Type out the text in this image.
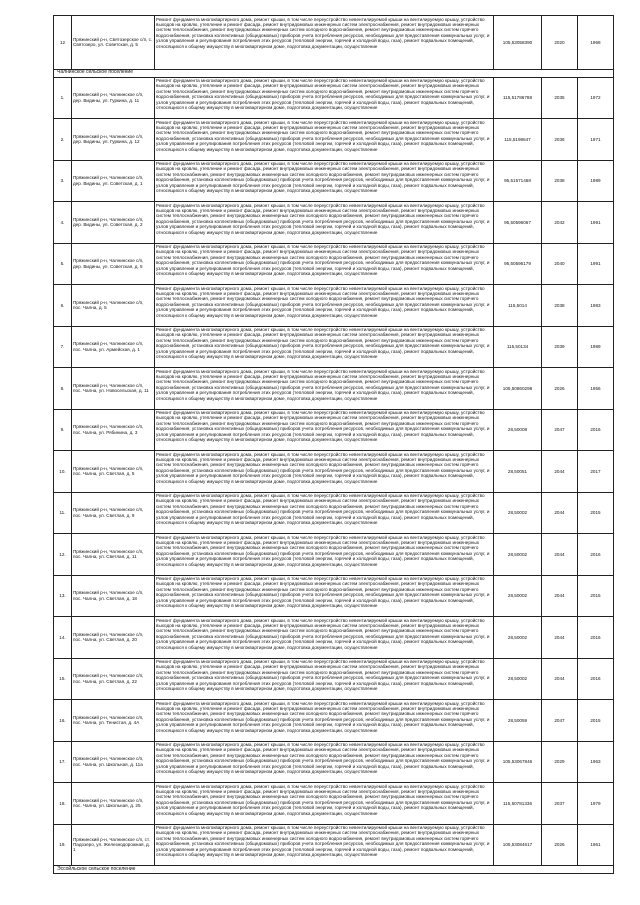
12	Пряжинский р-н, Святозерское с/п, с. Святозеро, ул. Советская, д. 5	Ремонт фундамента многоквартирного дома, ремонт крыши, в том числе переустройство невентилируемой крыши на вентилируемую крышу, устройство выходов на кровлю, утепление и ремонт фасада, ремонт внутридомовых инженерных систем электроснабжения, ремонт внутридомовых инженерных систем теплоснабжения, ремонт внутридомовых инженерных систем холодного водоснабжения, ремонт внутридомовых инженерных систем горячего водоснабжения, установка коллективных (общедомовых) приборов учета потребления ресурсов, необходимых для предоставления коммунальных услуг, и узлов управления и регулирования потребления этих ресурсов (тепловой энергии, горячей и холодной воды, газа), ремонт подвальных помещений, относящихся к общему имуществу в многоквартирном доме, подготовка документации, осуществление	105,53058390	2020	1968
Чалнинское сельское поселение					
1.	Пряжинский р-н, Чалнинское с/п, дер. Видины, ул. Гуркина, д. 11	Ремонт фундамента многоквартирного дома, ремонт крыши, в том числе переустройство невентилируемой крыши на вентилируемую крышу, устройство выходов на кровлю, утепление и ремонт фасада, ремонт внутридомовых инженерных систем электроснабжения, ремонт внутридомовых инженерных систем теплоснабжения, ремонт внутридомовых инженерных систем холодного водоснабжения, ремонт внутридомовых инженерных систем горячего водоснабжения, установка коллективных (общедомовых) приборов учета потребления ресурсов, необходимых для предоставления коммунальных услуг, и узлов управления и регулирования потребления этих ресурсов (тепловой энергии, горячей и холодной воды, газа), ремонт подвальных помещений, относящихся к общему имуществу в многоквартирном доме, подготовка документации, осуществление	115,51786788	2035	1972
2.	Пряжинский р-н, Чалнинское с/п, дер. Видины, ул. Гуркина, д. 12	Ремонт фундамента многоквартирного дома, ремонт крыши, в том числе переустройство невентилируемой крыши на вентилируемую крышу, устройство выходов на кровлю, утепление и ремонт фасада, ремонт внутридомовых инженерных систем электроснабжения, ремонт внутридомовых инженерных систем теплоснабжения, ремонт внутридомовых инженерных систем холодного водоснабжения, ремонт внутридомовых инженерных систем горячего водоснабжения, установка коллективных (общедомовых) приборов учета потребления ресурсов, необходимых для предоставления коммунальных услуг, и узлов управления и регулирования потребления этих ресурсов (тепловой энергии, горячей и холодной воды, газа), ремонт подвальных помещений, относящихся к общему имуществу в многоквартирном доме, подготовка документации, осуществление	115,5198647	2036	1971
3.	Пряжинский р-н, Чалнинское с/п, дер. Видины, ул. Советская, д. 1	Ремонт фундамента многоквартирного дома, ремонт крыши, в том числе переустройство невентилируемой крыши на вентилируемую крышу, устройство выходов на кровлю, утепление и ремонт фасада, ремонт внутридомовых инженерных систем электроснабжения, ремонт внутридомовых инженерных систем теплоснабжения, ремонт внутридомовых инженерных систем холодного водоснабжения, ремонт внутридомовых инженерных систем горячего водоснабжения, установка коллективных (общедомовых) приборов учета потребления ресурсов, необходимых для предоставления коммунальных услуг, и узлов управления и регулирования потребления этих ресурсов (тепловой энергии, горячей и холодной воды, газа), ремонт подвальных помещений, относящихся к общему имуществу в многоквартирном доме, подготовка документации, осуществление	95,51571468	2038	1989
4.	Пряжинский р-н, Чалнинское с/п, дер. Видины, ул. Советская, д. 2	Ремонт фундамента многоквартирного дома, ремонт крыши, в том числе переустройство невентилируемой крыши на вентилируемую крышу, устройство выходов на кровлю, утепление и ремонт фасада, ремонт внутридомовых инженерных систем электроснабжения, ремонт внутридомовых инженерных систем теплоснабжения, ремонт внутридомовых инженерных систем холодного водоснабжения, ремонт внутридомовых инженерных систем горячего водоснабжения, установка коллективных (общедомовых) приборов учета потребления ресурсов, необходимых для предоставления коммунальных услуг, и узлов управления и регулирования потребления этих ресурсов (тепловой энергии, горячей и холодной воды, газа), ремонт подвальных помещений, относящихся к общему имуществу в многоквартирном доме, подготовка документации, осуществление	95,50596067	2042	1991
5.	Пряжинский р-н, Чалнинское с/п, дер. Видины, ул. Советская, д. 5	Ремонт фундамента многоквартирного дома, ремонт крыши, в том числе переустройство невентилируемой крыши на вентилируемую крышу, устройство выходов на кровлю, утепление и ремонт фасада, ремонт внутридомовых инженерных систем электроснабжения, ремонт внутридомовых инженерных систем теплоснабжения, ремонт внутридомовых инженерных систем холодного водоснабжения, ремонт внутридомовых инженерных систем горячего водоснабжения, установка коллективных (общедомовых) приборов учета потребления ресурсов, необходимых для предоставления коммунальных услуг, и узлов управления и регулирования потребления этих ресурсов (тепловой энергии, горячей и холодной воды, газа), ремонт подвальных помещений, относящихся к общему имуществу в многоквартирном доме, подготовка документации, осуществление	95,50596179	2040	1991
6.	Пряжинский р-н, Чалнинское с/п, пос. Чална, д. 5	Ремонт фундамента многоквартирного дома, ремонт крыши, в том числе переустройство невентилируемой крыши на вентилируемую крышу, устройство выходов на кровлю, утепление и ремонт фасада, ремонт внутридомовых инженерных систем электроснабжения, ремонт внутридомовых инженерных систем теплоснабжения, ремонт внутридомовых инженерных систем холодного водоснабжения, ремонт внутридомовых инженерных систем горячего водоснабжения, установка коллективных (общедомовых) приборов учета потребления ресурсов, необходимых для предоставления коммунальных услуг, и узлов управления и регулирования потребления этих ресурсов (тепловой энергии, горячей и холодной воды, газа), ремонт подвальных помещений, относящихся к общему имуществу в многоквартирном доме, подготовка документации, осуществление	115,5014	2038	1983
7.	Пряжинский р-н, Чалнинское с/п, пос. Чална, ул. Армейская, д. 1	Ремонт фундамента многоквартирного дома, ремонт крыши, в том числе переустройство невентилируемой крыши на вентилируемую крышу, устройство выходов на кровлю, утепление и ремонт фасада, ремонт внутридомовых инженерных систем электроснабжения, ремонт внутридомовых инженерных систем теплоснабжения, ремонт внутридомовых инженерных систем холодного водоснабжения, ремонт внутридомовых инженерных систем горячего водоснабжения, установка коллективных (общедомовых) приборов учета потребления ресурсов, необходимых для предоставления коммунальных услуг, и узлов управления и регулирования потребления этих ресурсов (тепловой энергии, горячей и холодной воды, газа), ремонт подвальных помещений, относящихся к общему имуществу в многоквартирном доме, подготовка документации, осуществление	115,50134	2039	1989
8.	Пряжинский р-н, Чалнинское с/п, пос. Чална, ул. Новосельская, д. 11	Ремонт фундамента многоквартирного дома, ремонт крыши, в том числе переустройство невентилируемой крыши на вентилируемую крышу, устройство выходов на кровлю, утепление и ремонт фасада, ремонт внутридомовых инженерных систем электроснабжения, ремонт внутридомовых инженерных систем теплоснабжения, ремонт внутридомовых инженерных систем холодного водоснабжения, ремонт внутридомовых инженерных систем горячего водоснабжения, установка коллективных (общедомовых) приборов учета потребления ресурсов, необходимых для предоставления коммунальных услуг, и узлов управления и регулирования потребления этих ресурсов (тепловой энергии, горячей и холодной воды, газа), ремонт подвальных помещений, относящихся к общему имуществу в многоквартирном доме, подготовка документации, осуществление	105,50860298	2026	1956
9.	Пряжинский р-н, Чалнинское с/п, пос. Чална, ул. Рябинина, д. 3	Ремонт фундамента многоквартирного дома, ремонт крыши, в том числе переустройство невентилируемой крыши на вентилируемую крышу, устройство выходов на кровлю, утепление и ремонт фасада, ремонт внутридомовых инженерных систем электроснабжения, ремонт внутридомовых инженерных систем теплоснабжения, ремонт внутридомовых инженерных систем холодного водоснабжения, ремонт внутридомовых инженерных систем горячего водоснабжения, установка коллективных (общедомовых) приборов учета потребления ресурсов, необходимых для предоставления коммунальных услуг, и узлов управления и регулирования потребления этих ресурсов (тепловой энергии, горячей и холодной воды, газа), ремонт подвальных помещений, относящихся к общему имуществу в многоквартирном доме, подготовка документации, осуществление	28,50008	2047	2016
10.	Пряжинский р-н, Чалнинское с/п, пос. Чална, ул. Светлая, д. 5	Ремонт фундамента многоквартирного дома, ремонт крыши, в том числе переустройство невентилируемой крыши на вентилируемую крышу, устройство выходов на кровлю, утепление и ремонт фасада, ремонт внутридомовых инженерных систем электроснабжения, ремонт внутридомовых инженерных систем теплоснабжения, ремонт внутридомовых инженерных систем холодного водоснабжения, ремонт внутридомовых инженерных систем горячего водоснабжения, установка коллективных (общедомовых) приборов учета потребления ресурсов, необходимых для предоставления коммунальных услуг, и узлов управления и регулирования потребления этих ресурсов (тепловой энергии, горячей и холодной воды, газа), ремонт подвальных помещений, относящихся к общему имуществу в многоквартирном доме, подготовка документации, осуществление	28,50051	2044	2017
11.	Пряжинский р-н, Чалнинское с/п, пос. Чална, ул. Светлая, д. 9	Ремонт фундамента многоквартирного дома, ремонт крыши, в том числе переустройство невентилируемой крыши на вентилируемую крышу, устройство выходов на кровлю, утепление и ремонт фасада, ремонт внутридомовых инженерных систем электроснабжения, ремонт внутридомовых инженерных систем теплоснабжения, ремонт внутридомовых инженерных систем холодного водоснабжения, ремонт внутридомовых инженерных систем горячего водоснабжения, установка коллективных (общедомовых) приборов учета потребления ресурсов, необходимых для предоставления коммунальных услуг, и узлов управления и регулирования потребления этих ресурсов (тепловой энергии, горячей и холодной воды, газа), ремонт подвальных помещений, относящихся к общему имуществу в многоквартирном доме, подготовка документации, осуществление	28,50002	2044	2015
12.	Пряжинский р-н, Чалнинское с/п, пос. Чална, ул. Светлая, д. 11	Ремонт фундамента многоквартирного дома, ремонт крыши, в том числе переустройство невентилируемой крыши на вентилируемую крышу, устройство выходов на кровлю, утепление и ремонт фасада, ремонт внутридомовых инженерных систем электроснабжения, ремонт внутридомовых инженерных систем теплоснабжения, ремонт внутридомовых инженерных систем холодного водоснабжения, ремонт внутридомовых инженерных систем горячего водоснабжения, установка коллективных (общедомовых) приборов учета потребления ресурсов, необходимых для предоставления коммунальных услуг, и узлов управления и регулирования потребления этих ресурсов (тепловой энергии, горячей и холодной воды, газа), ремонт подвальных помещений, относящихся к общему имуществу в многоквартирном доме, подготовка документации, осуществление	28,50002	2044	2016
13.	Пряжинский р-н, Чалнинское с/п, пос. Чална, ул. Светлая, д. 18	Ремонт фундамента многоквартирного дома, ремонт крыши, в том числе переустройство невентилируемой крыши на вентилируемую крышу, устройство выходов на кровлю, утепление и ремонт фасада, ремонт внутридомовых инженерных систем электроснабжения, ремонт внутридомовых инженерных систем теплоснабжения, ремонт внутридомовых инженерных систем холодного водоснабжения, ремонт внутридомовых инженерных систем горячего водоснабжения, установка коллективных (общедомовых) приборов учета потребления ресурсов, необходимых для предоставления коммунальных услуг, и узлов управления и регулирования потребления этих ресурсов (тепловой энергии, горячей и холодной воды, газа), ремонт подвальных помещений, относящихся к общему имуществу в многоквартирном доме, подготовка документации, осуществление	28,50002	2044	2015
14.	Пряжинский р-н, Чалнинское с/п, пос. Чална, ул. Светлая, д. 20	Ремонт фундамента многоквартирного дома, ремонт крыши, в том числе переустройство невентилируемой крыши на вентилируемую крышу, устройство выходов на кровлю, утепление и ремонт фасада, ремонт внутридомовых инженерных систем электроснабжения, ремонт внутридомовых инженерных систем теплоснабжения, ремонт внутридомовых инженерных систем холодного водоснабжения, ремонт внутридомовых инженерных систем горячего водоснабжения, установка коллективных (общедомовых) приборов учета потребления ресурсов, необходимых для предоставления коммунальных услуг, и узлов управления и регулирования потребления этих ресурсов (тепловой энергии, горячей и холодной воды, газа), ремонт подвальных помещений, относящихся к общему имуществу в многоквартирном доме, подготовка документации, осуществление	28,50002	2044	2016
15.	Пряжинский р-н, Чалнинское с/п, пос. Чална, ул. Светлая, д. 22	Ремонт фундамента многоквартирного дома, ремонт крыши, в том числе переустройство невентилируемой крыши на вентилируемую крышу, устройство выходов на кровлю, утепление и ремонт фасада, ремонт внутридомовых инженерных систем электроснабжения, ремонт внутридомовых инженерных систем теплоснабжения, ремонт внутридомовых инженерных систем холодного водоснабжения, ремонт внутридомовых инженерных систем горячего водоснабжения, установка коллективных (общедомовых) приборов учета потребления ресурсов, необходимых для предоставления коммунальных услуг, и узлов управления и регулирования потребления этих ресурсов (тепловой энергии, горячей и холодной воды, газа), ремонт подвальных помещений, относящихся к общему имуществу в многоквартирном доме, подготовка документации, осуществление	28,50002	2044	2016
16.	Пряжинский р-н, Чалнинское с/п, пос. Чална, ул. Тенистая, д. 4А	Ремонт фундамента многоквартирного дома, ремонт крыши, в том числе переустройство невентилируемой крыши на вентилируемую крышу, устройство выходов на кровлю, утепление и ремонт фасада, ремонт внутридомовых инженерных систем электроснабжения, ремонт внутридомовых инженерных систем теплоснабжения, ремонт внутридомовых инженерных систем холодного водоснабжения, ремонт внутридомовых инженерных систем горячего водоснабжения, установка коллективных (общедомовых) приборов учета потребления ресурсов, необходимых для предоставления коммунальных услуг, и узлов управления и регулирования потребления этих ресурсов (тепловой энергии, горячей и холодной воды, газа), ремонт подвальных помещений, относящихся к общему имуществу в многоквартирном доме, подготовка документации, осуществление	28,50059	2047	2015
17.	Пряжинский р-н, Чалнинское с/п, пос. Чална, ул. Школьная, д. 11а	Ремонт фундамента многоквартирного дома, ремонт крыши, в том числе переустройство невентилируемой крыши на вентилируемую крышу, устройство выходов на кровлю, утепление и ремонт фасада, ремонт внутридомовых инженерных систем электроснабжения, ремонт внутридомовых инженерных систем теплоснабжения, ремонт внутридомовых инженерных систем холодного водоснабжения, ремонт внутридомовых инженерных систем горячего водоснабжения, установка коллективных (общедомовых) приборов учета потребления ресурсов, необходимых для предоставления коммунальных услуг, и узлов управления и регулирования потребления этих ресурсов (тепловой энергии, горячей и холодной воды, газа), ремонт подвальных помещений, относящихся к общему имуществу в многоквартирном доме, подготовка документации, осуществление	105,53067846	2029	1963
18.	Пряжинский р-н, Чалнинское с/п, пос. Чална, ул. Школьная, д. 25	Ремонт фундамента многоквартирного дома, ремонт крыши, в том числе переустройство невентилируемой крыши на вентилируемую крышу, устройство выходов на кровлю, утепление и ремонт фасада, ремонт внутридомовых инженерных систем электроснабжения, ремонт внутридомовых инженерных систем теплоснабжения, ремонт внутридомовых инженерных систем холодного водоснабжения, ремонт внутридомовых инженерных систем горячего водоснабжения, установка коллективных (общедомовых) приборов учета потребления ресурсов, необходимых для предоставления коммунальных услуг, и узлов управления и регулирования потребления этих ресурсов (тепловой энергии, горячей и холодной воды, газа), ремонт подвальных помещений, относящихся к общему имуществу в многоквартирном доме, подготовка документации, осуществление	115,50781336	2037	1979
19.	Пряжинский р-н, Чалнинское с/п, ст. Падозеро, ул. Железнодорожная, д. 1	Ремонт фундамента многоквартирного дома, ремонт крыши, в том числе переустройство невентилируемой крыши на вентилируемую крышу, устройство выходов на кровлю, утепление и ремонт фасада, ремонт внутридомовых инженерных систем электроснабжения, ремонт внутридомовых инженерных систем теплоснабжения, ремонт внутридомовых инженерных систем холодного водоснабжения, ремонт внутридомовых инженерных систем горячего водоснабжения, установка коллективных (общедомовых) приборов учета потребления ресурсов, необходимых для предоставления коммунальных услуг, и узлов управления и регулирования потребления этих ресурсов (тепловой энергии, горячей и холодной воды, газа), ремонт подвальных помещений, относящихся к общему имуществу в многоквартирном доме, подготовка документации, осуществление	105,53084617	2026	1961
Эссойльское сельское поселение					
